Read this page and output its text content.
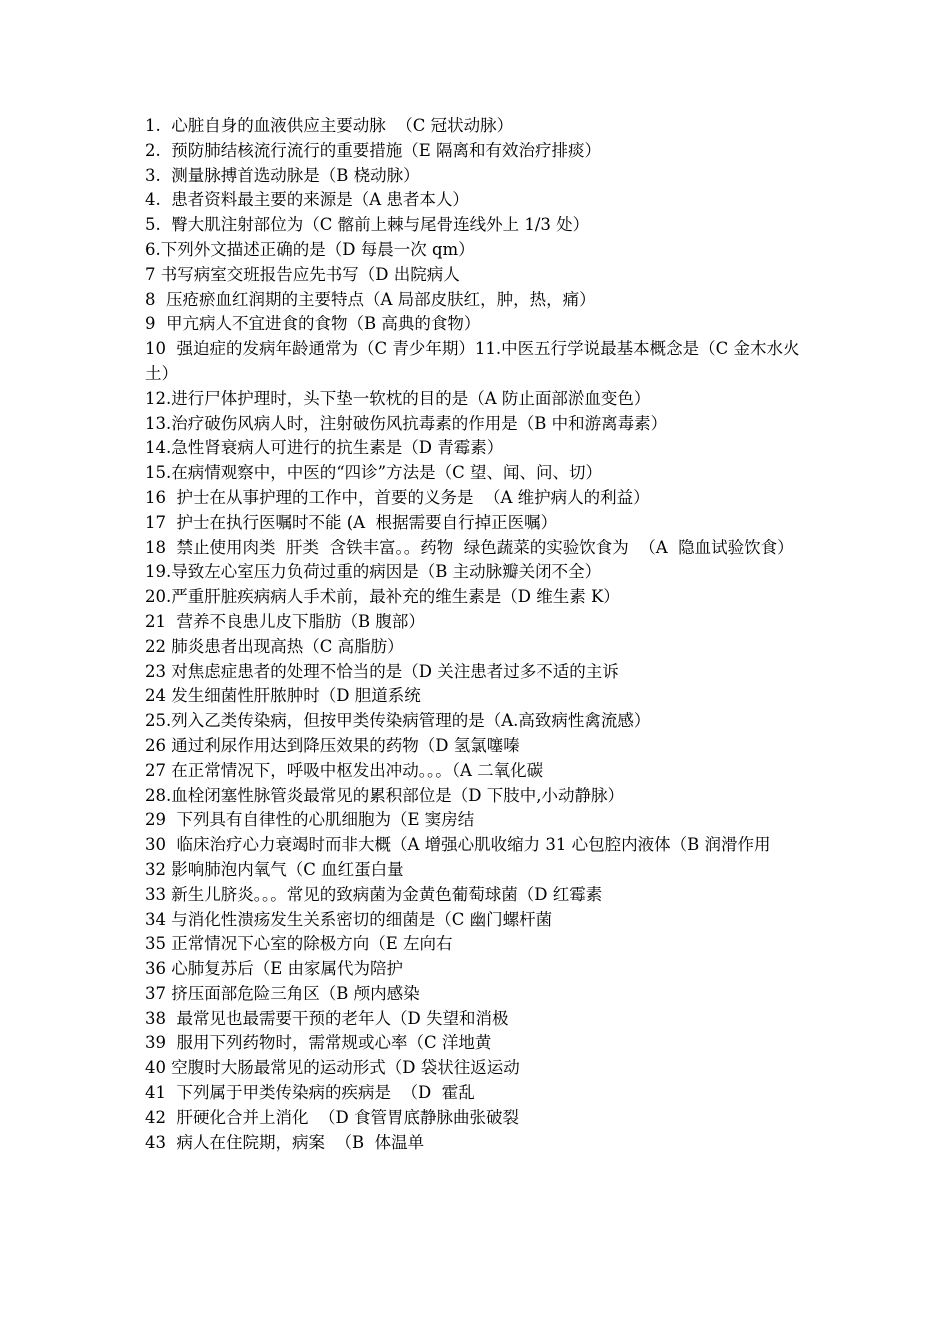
1.  心脏自身的血液供应主要动脉  （C 冠状动脉）
2.  预防肺结核流行流行的重要措施（E 隔离和有效治疗排痰）
3.  测量脉搏首选动脉是（B 桡动脉）
4.  患者资料最主要的来源是（A 患者本人）
5.  臀大肌注射部位为（C 髂前上棘与尾骨连线外上 1/3 处）
6.下列外文描述正确的是（D 每晨一次 qm）
7 书写病室交班报告应先书写（D 出院病人
8  压疮瘀血红润期的主要特点（A 局部皮肤红，肿，热，痛）
9  甲亢病人不宜进食的食物（B 高典的食物）
10  强迫症的发病年龄通常为（C 青少年期）11.中医五行学说最基本概念是（C 金木水火土）
12.进行尸体护理时，头下垫一软枕的目的是（A 防止面部淤血变色）
13.治疗破伤风病人时，注射破伤风抗毒素的作用是（B 中和游离毒素）
14.急性肾衰病人可进行的抗生素是（D 青霉素）
15.在病情观察中，中医的“四诊”方法是（C 望、闻、问、切）
16  护士在从事护理的工作中，首要的义务是  （A 维护病人的利益）
17  护士在执行医嘱时不能 (A  根据需要自行掉正医嘱）
18  禁止使用肉类  肝类  含铁丰富。。药物  绿色蔬菜的实验饮食为  （A  隐血试验饮食）
19.导致左心室压力负荷过重的病因是（B 主动脉瓣关闭不全）
20.严重肝脏疾病病人手术前，最补充的维生素是（D 维生素 K）
21  营养不良患儿皮下脂肪（B 腹部）
22 肺炎患者出现高热（C 高脂肪）
23 对焦虑症患者的处理不恰当的是（D 关注患者过多不适的主诉
24 发生细菌性肝脓肿时（D 胆道系统
25.列入乙类传染病，但按甲类传染病管理的是（A.高致病性禽流感）
26 通过利尿作用达到降压效果的药物（D 氢氯噻嗪
27 在正常情况下，呼吸中枢发出冲动。。。（A 二氧化碳
28.血栓闭塞性脉管炎最常见的累积部位是（D 下肢中,小动静脉）
29  下列具有自律性的心肌细胞为（E 窦房结
30  临床治疗心力衰竭时而非大概（A 增强心肌收缩力 31 心包腔内液体（B 润滑作用
32 影响肺泡内氧气（C 血红蛋白量
33 新生儿脐炎。。。常见的致病菌为金黄色葡萄球菌（D 红霉素
34 与消化性溃疡发生关系密切的细菌是（C 幽门螺杆菌
35 正常情况下心室的除极方向（E 左向右
36 心肺复苏后（E 由家属代为陪护
37 挤压面部危险三角区（B 颅内感染
38  最常见也最需要干预的老年人（D 失望和消极
39  服用下列药物时，需常规或心率（C 洋地黄
40 空腹时大肠最常见的运动形式（D 袋状往返运动
41  下列属于甲类传染病的疾病是  （D  霍乱
42  肝硬化合并上消化  （D 食管胃底静脉曲张破裂
43  病人在住院期，病案  （B  体温单
